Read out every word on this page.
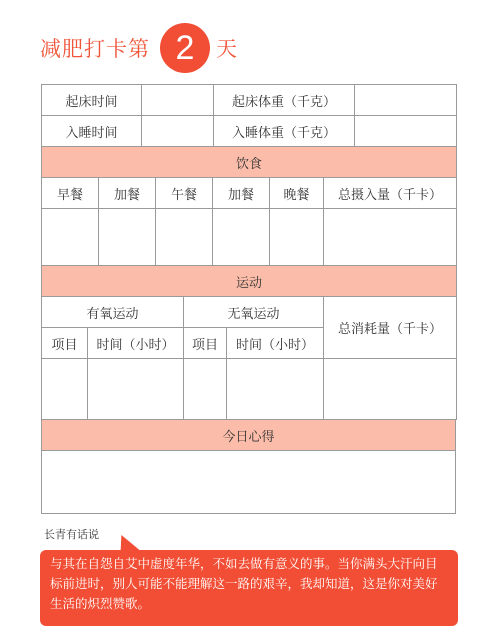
减肥打卡第 2	天
起床时间		起床体重（千克）	
入睡时间		入睡体重（千克）	
饮食					
早餐	加餐	午餐	加餐	晚餐	总摄入量（千卡）

运动				
有氧运动		无氧运动		总消耗量（千卡）
项目	时间（小时）	项目	时间（小时）	

今日心得

长青有话说
与其在自怨自艾中虚度年华，不如去做有意义的事。当你满头大汗向目标前进时，别人可能不能理解这一路的艰辛，我却知道，这是你对美好生活的炽烈赞歌。
